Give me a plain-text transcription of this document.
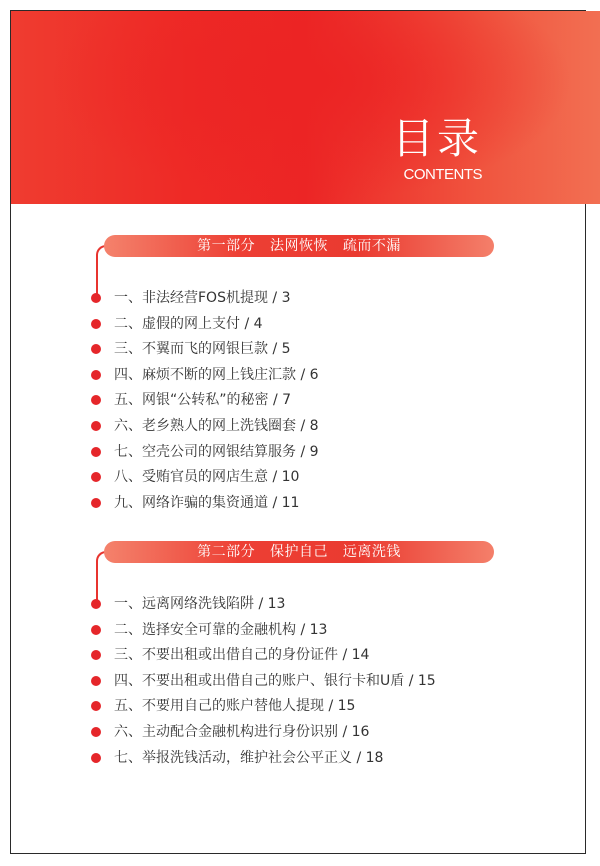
目录
CONTENTS
第一部分   法网恢恢   疏而不漏
一、非法经营FOS机提现 / 3
二、虚假的网上支付 / 4
三、不翼而飞的网银巨款 / 5
四、麻烦不断的网上钱庄汇款 / 6
五、网银“公转私”的秘密 / 7
六、老乡熟人的网上洗钱圈套 / 8
七、空壳公司的网银结算服务 / 9
八、受贿官员的网店生意 / 10
九、网络诈骗的集资通道 / 11
第二部分   保护自己   远离洗钱
一、远离网络洗钱陷阱 / 13
二、选择安全可靠的金融机构 / 13
三、不要出租或出借自己的身份证件 / 14
四、不要出租或出借自己的账户、银行卡和U盾 / 15
五、不要用自己的账户替他人提现 / 15
六、主动配合金融机构进行身份识别 / 16
七、举报洗钱活动，维护社会公平正义 / 18
